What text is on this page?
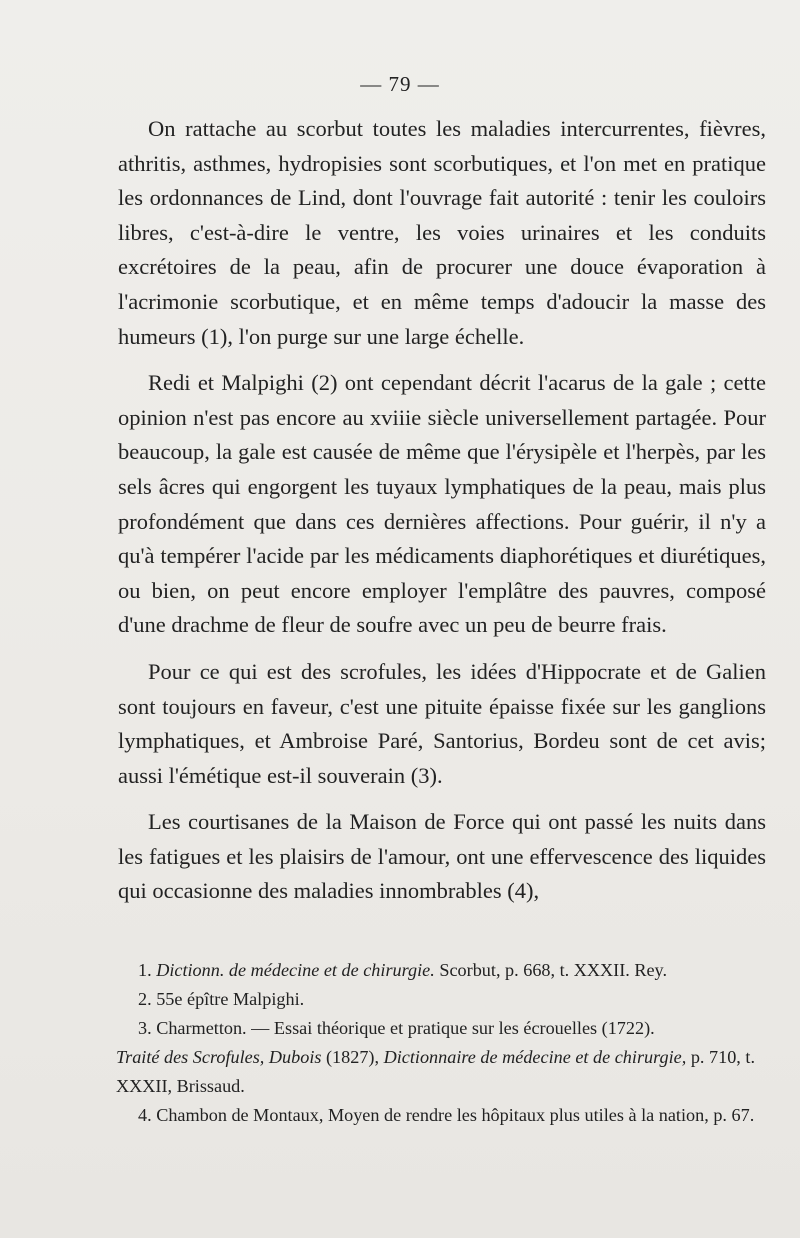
— 79 —

On rattache au scorbut toutes les maladies intercurrentes, fièvres, athritis, asthmes, hydropisies sont scorbutiques, et l'on met en pratique les ordonnances de Lind, dont l'ouvrage fait autorité : tenir les couloirs libres, c'est-à-dire le ventre, les voies urinaires et les conduits excrétoires de la peau, afin de procurer une douce évaporation à l'acrimonie scorbutique, et en même temps d'adoucir la masse des humeurs (1), l'on purge sur une large échelle.

Redi et Malpighi (2) ont cependant décrit l'acarus de la gale ; cette opinion n'est pas encore au xviiie siècle universellement partagée. Pour beaucoup, la gale est causée de même que l'érysipèle et l'herpès, par les sels âcres qui engorgent les tuyaux lymphatiques de la peau, mais plus profondément que dans ces dernières affections. Pour guérir, il n'y a qu'à tempérer l'acide par les médicaments diaphorétiques et diurétiques, ou bien, on peut encore employer l'emplâtre des pauvres, composé d'une drachme de fleur de soufre avec un peu de beurre frais.

Pour ce qui est des scrofules, les idées d'Hippocrate et de Galien sont toujours en faveur, c'est une pituite épaisse fixée sur les ganglions lymphatiques, et Ambroise Paré, Santorius, Bordeu sont de cet avis; aussi l'émétique est-il souverain (3).

Les courtisanes de la Maison de Force qui ont passé les nuits dans les fatigues et les plaisirs de l'amour, ont une effervescence des liquides qui occasionne des maladies innombrables (4),

1. Dictionn. de médecine et de chirurgie. Scorbut, p. 668, t. XXXII. Rey.

2. 55e épître Malpighi.

3. Charmetton. — Essai théorique et pratique sur les écrouelles (1722).

Traité des Scrofules, Dubois (1827), Dictionnaire de médecine et de chirurgie, p. 710, t. XXXII, Brissaud.

4. Chambon de Montaux, Moyen de rendre les hôpitaux plus utiles à la nation, p. 67.
